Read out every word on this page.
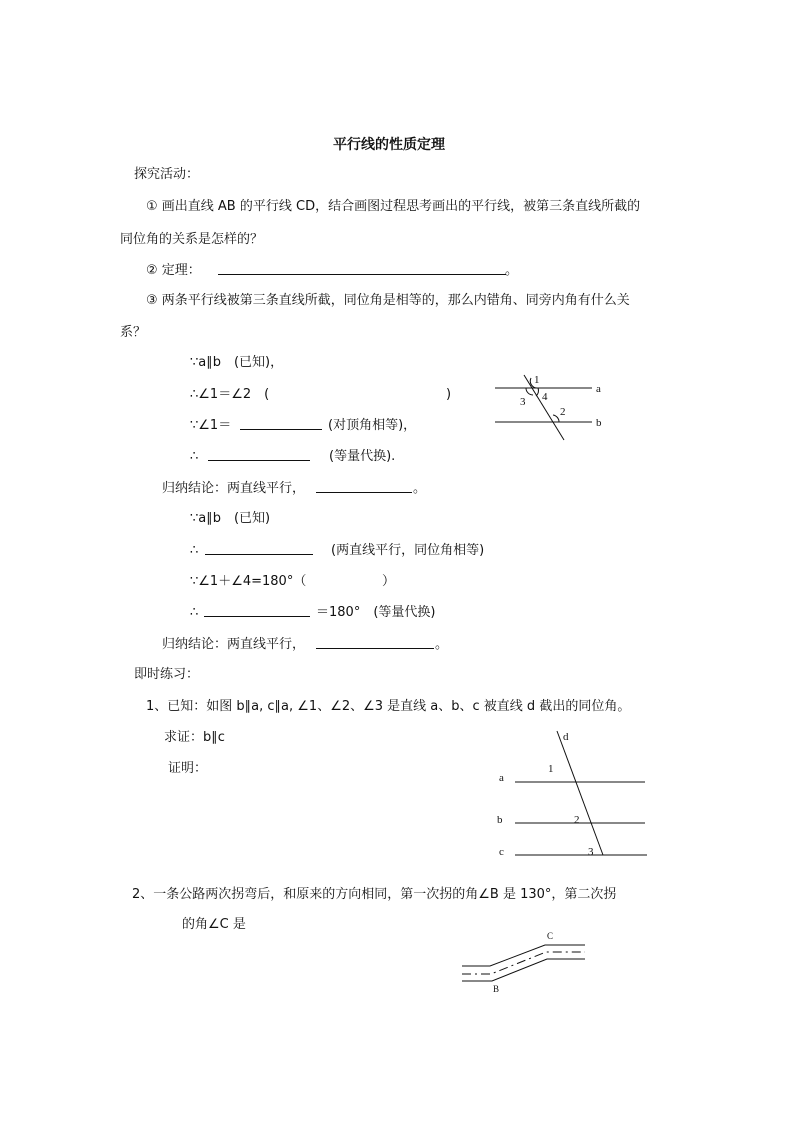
平行线的性质定理
探究活动：
① 画出直线 AB 的平行线 CD，结合画图过程思考画出的平行线，被第三条直线所截的
同位角的关系是怎样的？
② 定理：	。
③ 两条平行线被第三条直线所截，同位角是相等的，那么内错角、同旁内角有什么关
系？
∵a∥b　(已知)，
∴∠1＝∠2　(	)
∵∠1＝	(对顶角相等)，
∴	(等量代换).
归纳结论：两直线平行，	。
∵a∥b　(已知)
∴	(两直线平行，同位角相等)
∵∠1＋∠4=180°（	）
∴	＝180°　(等量代换)
归纳结论：两直线平行，	。
即时练习：
1、已知：如图 b∥a, c∥a, ∠1、∠2、∠3 是直线 a、b、c 被直线 d 截出的同位角。
求证：b∥c
证明：
2、一条公路两次拐弯后，和原来的方向相同，第一次拐的角∠B 是 130°，第二次拐
的角∠C 是
a
b
1
3 4
2
a
b
c
d
1
2
3
B
C
